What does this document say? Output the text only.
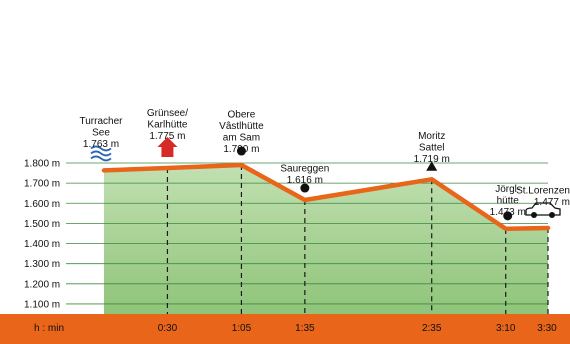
1.800 m
1.700 m
1.600 m
1.500 m
1.400 m
1.300 m
1.200 m
1.100 m
h : min	0:30	1:05	1:35	2:35	3:10 3:30
Turracher
See
1.763 m
Grünsee/
Karlhütte
1.775 m
Obere
Vâstlhütte
am Sam
1.790 m
Saureggen
1.616 m
Moritz
Sattel
1.719 m
Jörgl-
hütte
1.473 m
St.Lorenzen
1.477 m
